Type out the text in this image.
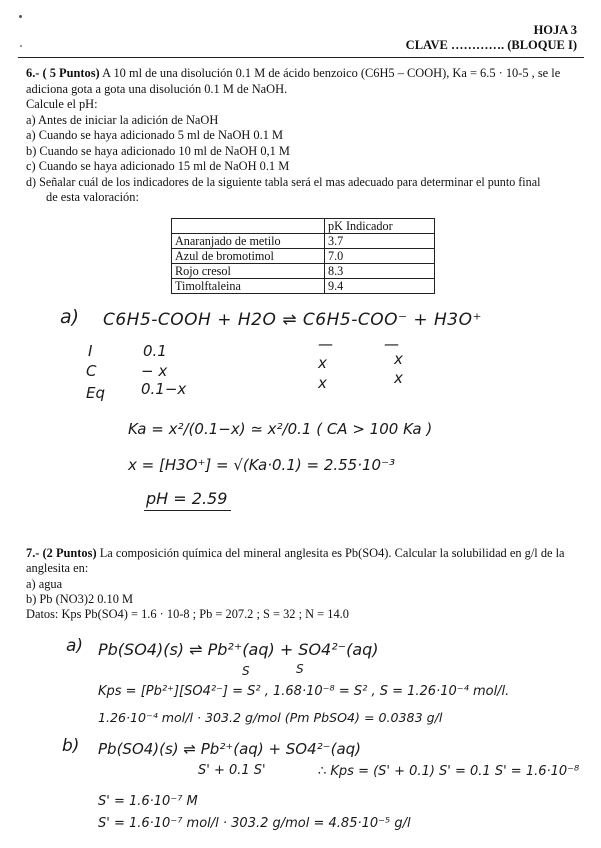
HOJA 3
CLAVE …………. (BLOQUE I)
6.- ( 5 Puntos) A 10 ml de una disolución 0.1 M de ácido benzoico (C6H5 – COOH), Ka = 6.5 · 10-5 , se le
adiciona gota a gota una disolución 0.1 M de NaOH.
Calcule el pH:
a) Antes de iniciar la adición de NaOH
a) Cuando se haya adicionado 5 ml de NaOH 0.1 M
b) Cuando se haya adicionado 10 ml de NaOH 0,1 M
c) Cuando se haya adicionado 15 ml de NaOH 0.1 M
d) Señalar cuál de los indicadores de la siguiente tabla será el mas adecuado para determinar el punto final
de esta valoración:
	pK Indicador
Anaranjado de metilo	3.7
Azul de bromotimol	7.0
Rojo cresol	8.3
Timolftaleina	9.4
a) C6H5-COOH + H2O ⇌ C6H5-COO⁻ + H3O⁺
I	0.1	—	—
C	− x	x	x
Eq 0.1−x	x	x
Ka = x²/(0.1−x) ≃ x²/0.1 ( CA > 100 Ka )
x = [H3O⁺] = √(Ka·0.1) = 2.55·10⁻³
pH = 2.59
7.- (2 Puntos) La composición química del mineral anglesita es Pb(SO4). Calcular la solubilidad en g/l de la
anglesita en:
a) agua
b) Pb (NO3)2 0.10 M
Datos: Kps Pb(SO4) = 1.6 · 10-8 ; Pb = 207.2 ; S = 32 ; N = 14.0
a) Pb(SO4)(s) ⇌ Pb²⁺(aq) + SO4²⁻(aq)
S	S
Kps = [Pb²⁺][SO4²⁻] = S² , 1.68·10⁻⁸ = S² , S = 1.26·10⁻⁴ mol/l.
1.26·10⁻⁴ mol/l · 303.2 g/mol (Pm PbSO4) = 0.0383 g/l
b) Pb(SO4)(s) ⇌ Pb²⁺(aq) + SO4²⁻(aq)
S' + 0.1 S'	∴ Kps = (S' + 0.1) S' = 0.1 S' = 1.6·10⁻⁸
S' = 1.6·10⁻⁷ M
S' = 1.6·10⁻⁷ mol/l · 303.2 g/mol = 4.85·10⁻⁵ g/l
